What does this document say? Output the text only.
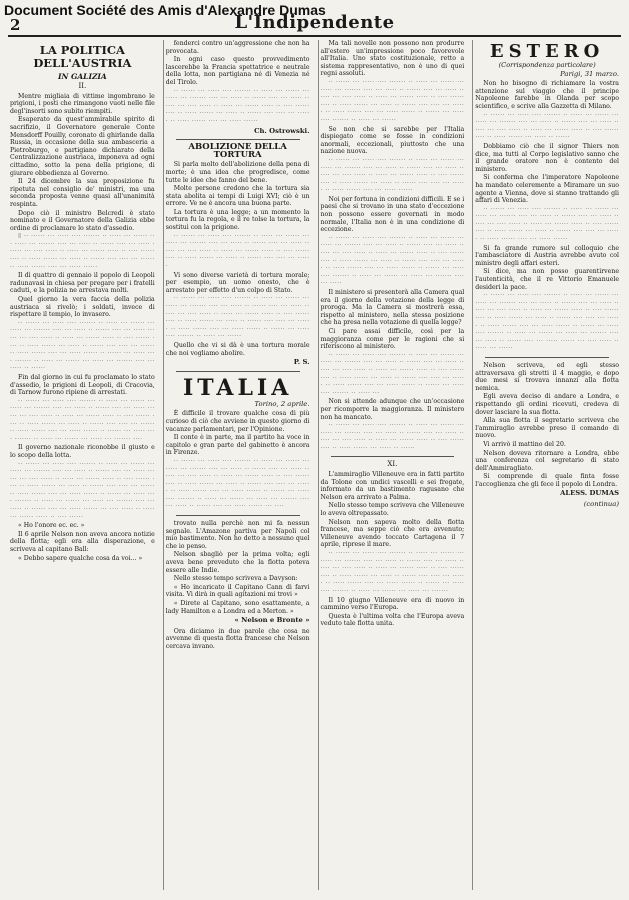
Document Société des Amis d'Alexandre Dumas
2	L'Indipendente
LA POLITICA DELL'AUSTRIA
IN GALIZIA
II.

Mentre migliaia di vittime ingombrano le prigioni, i posti che rimangono vuoti nelle file degl'insorti sono subito riempiti.

Esaperato da quest'ammirabile spirito di sacrifizio, il Governatore generale Conte Mensdorff Pouilly, coronato di ghirlande dalla Russia, in occasione della sua ambasceria a Pietroburgo, e partigiano dichiarato della Centralizzazione austriaca, imponeva ad ogni cittadino, sotto la pena della prigione, di giurare obbedienza al Governo.

Il 24 dicembre la sua proposizione fu ripetuta nel consiglio de' ministri, ma una seconda proposta venne quasi all'unanimità respinta.

Dopo ciò il ministro Belcredi è stato nominato e il Governatore della Galizia ebbe ordine di proclamare lo stato d'assedio.

ǁ ·· ······ ··· ····· ···· ······· ·· ····· ··· ······ ··· ····· ··· ······· ···· ··· ····· ·· ······ ···· ··· ····· ······ ··· ···· ····· ·· ····· ··· ······ ····· ·· ···· ······ ···· ·· ····· ······ ··· ····· ·· ······ ···· ···· ··· ······ ·· ····· ······ ···· ··· ····· ······

Il dì quattro di gennaio il popolo di Leopoli radunavasi in chiesa per pregare per i fratelli caduti, e la polizia ne arrestava molti.

Quel giorno la vera faccia della polizia austriaca si rivelò; i soldati, invece di rispettare il tempio, lo invasero.

·· ······ ··· ····· ···· ······· ·· ····· ··· ······ ··· ····· ··· ······· ···· ··· ····· ·· ······ ···· ··· ····· ······ ··· ···· ····· ·· ····· ··· ······ ····· ·· ···· ······ ···· ·· ····· ······ ··· ····· ·· ······ ···· ···· ··· ······ ·· ····· ······ ···· ··· ····· ······ ·· ······ ··· ····· ···· ······· ·· ····· ··· ······ ··· ····· ··· ······· ···· ··· ····· ·· ······

Fin dal giorno in cui fu proclamato lo stato d'assedio, le prigioni di Leopoli, di Cracovia, di Tarnow furono ripiene di arrestati.

·· ······ ··· ····· ···· ······· ·· ····· ··· ······ ··· ····· ··· ······· ···· ··· ····· ·· ······ ···· ··· ····· ······ ··· ···· ····· ·· ····· ··· ······ ····· ·· ···· ······ ···· ·· ····· ······ ··· ····· ·· ······ ···· ···· ··· ······ ·· ····· ······ ···· ··· ····· ······ ·· ······ ··· ····· ···· ······· ·· ····· ··· ······ ··· ····· ··· ······· ····

Il governo nazionale riconobbe il giusto e lo scopo della lotta.

·· ······ ··· ····· ···· ······· ·· ····· ··· ······ ··· ····· ··· ······· ···· ··· ····· ·· ······ ···· ··· ····· ······ ··· ···· ····· ·· ····· ··· ······ ····· ·· ···· ······ ···· ·· ····· ······ ··· ····· ·· ······ ···· ···· ··· ······ ·· ····· ······ ···· ··· ····· ······ ·· ······ ··· ····· ···· ······· ·· ····· ··· ······ ··· ····· ··· ······· ···· ··· ····· ·· ······ ···· ··· ····· ······ ··· ···· ····· ·· ····· ··· ······ ····· ·· ···· ······

« Ho l'onore ec. ec. »

Il 6 aprile Nelson non aveva ancora notizie della flotta; egli era alla disperazione, e scriveva al capitano Ball:

« Debbo sapere qualche cosa da voi... »

fenderci contro un'aggressione che non ha provocata.

In ogni caso questo provvedimento lascerebbe la Francia spettatrice e neutrale della lotta, non partigiana né di Venezia né del Tirolo.

·· ······ ··· ····· ···· ······· ·· ····· ··· ······ ··· ····· ··· ······· ···· ··· ····· ·· ······ ···· ··· ····· ······ ··· ···· ····· ·· ····· ··· ······ ····· ·· ···· ······ ···· ·· ····· ······ ··· ····· ·· ······ ···· ···· ··· ······ ·· ····· ······ ···· ··· ····· ······

Ch. Ostrowski.
ABOLIZIONE DELLA TORTURA

Si parla molto dell'abolizione della pena di morte; è una idea che progredisce, come tutte le idee che fanno del bene.

Molte persone credono che la tortura sia stata abolita ai tempi di Luigi XVI; ciò è un errore. Ve ne è ancora una buona parte.

La tortura è una legge; a un momento la tortura fu la regola, e il re tolse la tortura, la sostituì con la prigione.

·· ······ ··· ····· ···· ······· ·· ····· ··· ······ ··· ····· ··· ······· ···· ··· ····· ·· ······ ···· ··· ····· ······ ··· ···· ····· ·· ····· ··· ······ ····· ·· ···· ······ ···· ·· ····· ······ ··· ····· ·· ······ ···· ···· ··· ······

Vi sono diverse varietà di tortura morale; per esempio, un uomo onesto, che è arrestato per effetto d'un colpo di Stato.

·· ······ ··· ····· ···· ······· ·· ····· ··· ······ ··· ····· ··· ······· ···· ··· ····· ·· ······ ···· ··· ····· ······ ··· ···· ····· ·· ····· ··· ······ ····· ·· ···· ······ ···· ·· ····· ······ ··· ····· ·· ······ ···· ···· ··· ······ ·· ····· ······ ···· ··· ····· ······ ·· ······ ··· ····· ···· ······· ·· ····· ··· ······

Quello che vi si dà è una tortura morale che noi vogliamo abolire.

P. S.
ITALIA
Torino, 2 aprile.

È difficile il trovare qualche cosa di più curioso di ciò che avviene in questo giorno di vacanze parlamentari, per l'Opinione.

Il conte è in parte, ma il partito ha voce in capitolo e gran parte del gabinetto è ancora in Firenze.

·· ······ ··· ····· ···· ······· ·· ····· ··· ······ ··· ····· ··· ······· ···· ··· ····· ·· ······ ···· ··· ····· ······ ··· ···· ····· ·· ····· ··· ······ ····· ·· ···· ······ ···· ·· ····· ······ ··· ····· ·· ······ ···· ···· ··· ······ ·· ····· ······ ···· ··· ····· ······ ·· ······ ··· ····· ···· ······· ·· ····· ··· ······ ··· ····· ··· ······· ···· ··· ····· ·· ······ ···· ··· ····· ······ ··· ····

trovato nulla perchè non mi fa nessun segnale. L'Amazone partiva per Napoli col mio bastimento. Non ho detto a nessuno quel che io penso.

Nelson sbagliò per la prima volta; egli aveva bene preveduto che la flotta poteva essere alle Indie.

Nello stesso tempo scriveva a Davyson:

« Ho incaricato il Capitano Cann di farvi visita. Vi dirà in quali agitazioni mi trovi »

« Direte al Capitano, sono esattamente, a lady Hamilton e a Londra ed a Merton. »

« Nelson e Bronte »

Ora diciamo in due parole che cosa ne avvenne di questa flotta francese che Nelson cercava invano.

Ma tali novelle non possono non produrre all'estero un'impressione poco favorevole all'Italia. Uno stato costituzionale, retto a sistema rappresentativo, non è uno di quei regni assoluti.

·· ······ ··· ····· ···· ······· ·· ····· ··· ······ ··· ····· ··· ······· ···· ··· ····· ·· ······ ···· ··· ····· ······ ··· ···· ····· ·· ····· ··· ······ ····· ·· ···· ······ ···· ·· ····· ······ ··· ····· ·· ······ ···· ···· ··· ······ ·· ····· ······ ···· ··· ····· ······ ·· ······ ··· ····· ···· ······· ·· ····· ··· ······

Se non che si sarebbe per l'Italia dispiegato come se fosse in condizioni anormali, eccezionali, piuttosto che una nazione nuova.

·· ······ ··· ····· ···· ······· ·· ····· ··· ······ ··· ····· ··· ······· ···· ··· ····· ·· ······ ···· ··· ····· ······ ··· ···· ····· ·· ····· ··· ······ ····· ·· ···· ······ ···· ·· ····· ······ ··· ····· ·· ······ ···· ···· ··· ······ ·· ····· ······ ···· ··· ····· ······

Noi per fortuna in condizioni difficili. E se i paesi che si trovano in una stato d'eccezione non possono essere governati in modo normale, l'Italia non è in una condizione di eccezione.

·· ······ ··· ····· ···· ······· ·· ····· ··· ······ ··· ····· ··· ······· ···· ··· ····· ·· ······ ···· ··· ····· ······ ··· ···· ····· ·· ····· ··· ······ ····· ·· ···· ······ ···· ·· ····· ······ ··· ····· ·· ······ ···· ···· ··· ······ ·· ····· ······ ···· ··· ····· ······ ·· ······ ··· ····· ···· ······· ·· ····· ··· ······ ··· ····· ··· ······· ···· ··· ·····

Il ministero si presenterà alla Camera qual era il giorno della votazione della legge di proroga. Ma la Camera si mostrerà essa, rispetto al ministero, nella stessa posizione che ha presa nella votazione di quella legge?

Ci pare assai difficile, così per la maggioranza come per le ragioni che si riferiscono al ministero.

·· ······ ··· ····· ···· ······· ·· ····· ··· ······ ··· ····· ··· ······· ···· ··· ····· ·· ······ ···· ··· ····· ······ ··· ···· ····· ·· ····· ··· ······ ····· ·· ···· ······ ···· ·· ····· ······ ··· ····· ·· ······ ···· ···· ··· ······ ·· ····· ······ ···· ··· ····· ······ ·· ······ ··· ····· ···· ······· ·· ····· ···

Non si attende adunque che un'occasione per ricomporre la maggioranza. Il ministero non ha mancato.

·· ······ ··· ····· ···· ······· ·· ····· ··· ······ ··· ····· ··· ······· ···· ··· ····· ·· ······ ···· ··· ····· ······ ··· ···· ····· ·· ····· ··· ······ ····· ·· ···· ······ ···· ·· ····· ······ ··· ····· ·· ······

XI.

L'ammiraglio Villeneuve era in fatti partito da Tolone con undici vascelli e sei fregate, informato da un bastimento ragusano che Nelson era arrivato a Palma.

Nello stesso tempo scriveva che Villeneuve lo aveva oltrepassato.

Nelson non sapeva molto della flotta francese, ma seppe ciò che era avvenuto; Villeneuve avendo toccato Cartagena il 7 aprile, riprese il mare.

·· ······ ··· ····· ···· ······· ·· ····· ··· ······ ··· ····· ··· ······· ···· ··· ····· ·· ······ ···· ··· ····· ······ ··· ···· ····· ·· ····· ··· ······ ····· ·· ···· ······ ···· ·· ····· ······ ··· ····· ·· ······ ···· ···· ··· ······ ·· ····· ······ ···· ··· ····· ······ ·· ······ ··· ····· ···· ······· ·· ····· ··· ······ ··· ····· ··· ·······

Il 10 giugno Villeneuve era di nuovo in cammino verso l'Europa.

Questa è l'ultima volta che l'Europa aveva veduto tale flotta unita.

ESTERO
(Corrispondenza particolare)
Parigi, 31 marzo.

Non ho bisogno di richiamare la vostra attenzione sul viaggio che il principe Napoleone farebbe in Olanda per scopo scientifico, e scrive alla Gazzetta di Milano.

·· ······ ··· ····· ···· ······· ·· ····· ··· ······ ··· ····· ··· ······· ···· ··· ····· ·· ······ ···· ··· ····· ······ ··· ···· ····· ·· ····· ··· ······ ····· ·· ···· ······ ···· ·· ····· ······ ··· ····· ·· ······

Dobbiamo ciò che il signor Thiers non dice, ma tutti al Corpo legislativo sanno che il grande oratore non è contento del ministero.

Si conferma che l'imperatore Napoleone ha mandato celeremente a Miramare un suo agente a Vienna, dove si stanno trattando gli affari di Venezia.

·· ······ ··· ····· ···· ······· ·· ····· ··· ······ ··· ····· ··· ······· ···· ··· ····· ·· ······ ···· ··· ····· ······ ··· ···· ····· ·· ····· ··· ······ ····· ·· ···· ······ ···· ·· ····· ······ ··· ····· ·· ······ ···· ···· ··· ······ ·· ····· ······ ···· ··· ····· ······

Si fa grande rumore sul colloquio che l'ambasciatore di Austria avrebbe avuto col ministro degli affari esteri.

Si dice, ma non posso guarentirvene l'autenticità, che il re Vittorio Emanuele desideri la pace.

·· ······ ··· ····· ···· ······· ·· ····· ··· ······ ··· ····· ··· ······· ···· ··· ····· ·· ······ ···· ··· ····· ······ ··· ···· ····· ·· ····· ··· ······ ····· ·· ···· ······ ···· ·· ····· ······ ··· ····· ·· ······ ···· ···· ··· ······ ·· ····· ······ ···· ··· ····· ······ ·· ······ ··· ····· ···· ······· ·· ····· ··· ······ ··· ····· ··· ······· ···· ··· ····· ·· ······ ···· ··· ····· ······ ··· ···· ····· ·· ····· ··· ······

Nelson scriveva, ed egli stesso attraversava gli stretti il 4 maggio, e dopo due mesi si trovava innanzi alla flotta nemica.

Egli aveva deciso di andare a Londra, e rispettando gli ordini ricevuti, credeva di dover lasciare la sua flotta.

Alla sua flotta il segretario scriveva che l'ammiraglio avrebbe preso il comando di nuovo.

Vi arrivò il mattino del 20.

Nelson doveva ritornare a Londra, ebbe una conferenza col segretario di stato dell'Ammiragliato.

Si comprende di quale finta fosse l'accoglienza che gli fece il popolo di Londra.

ALESS. DUMAS
(continua)
